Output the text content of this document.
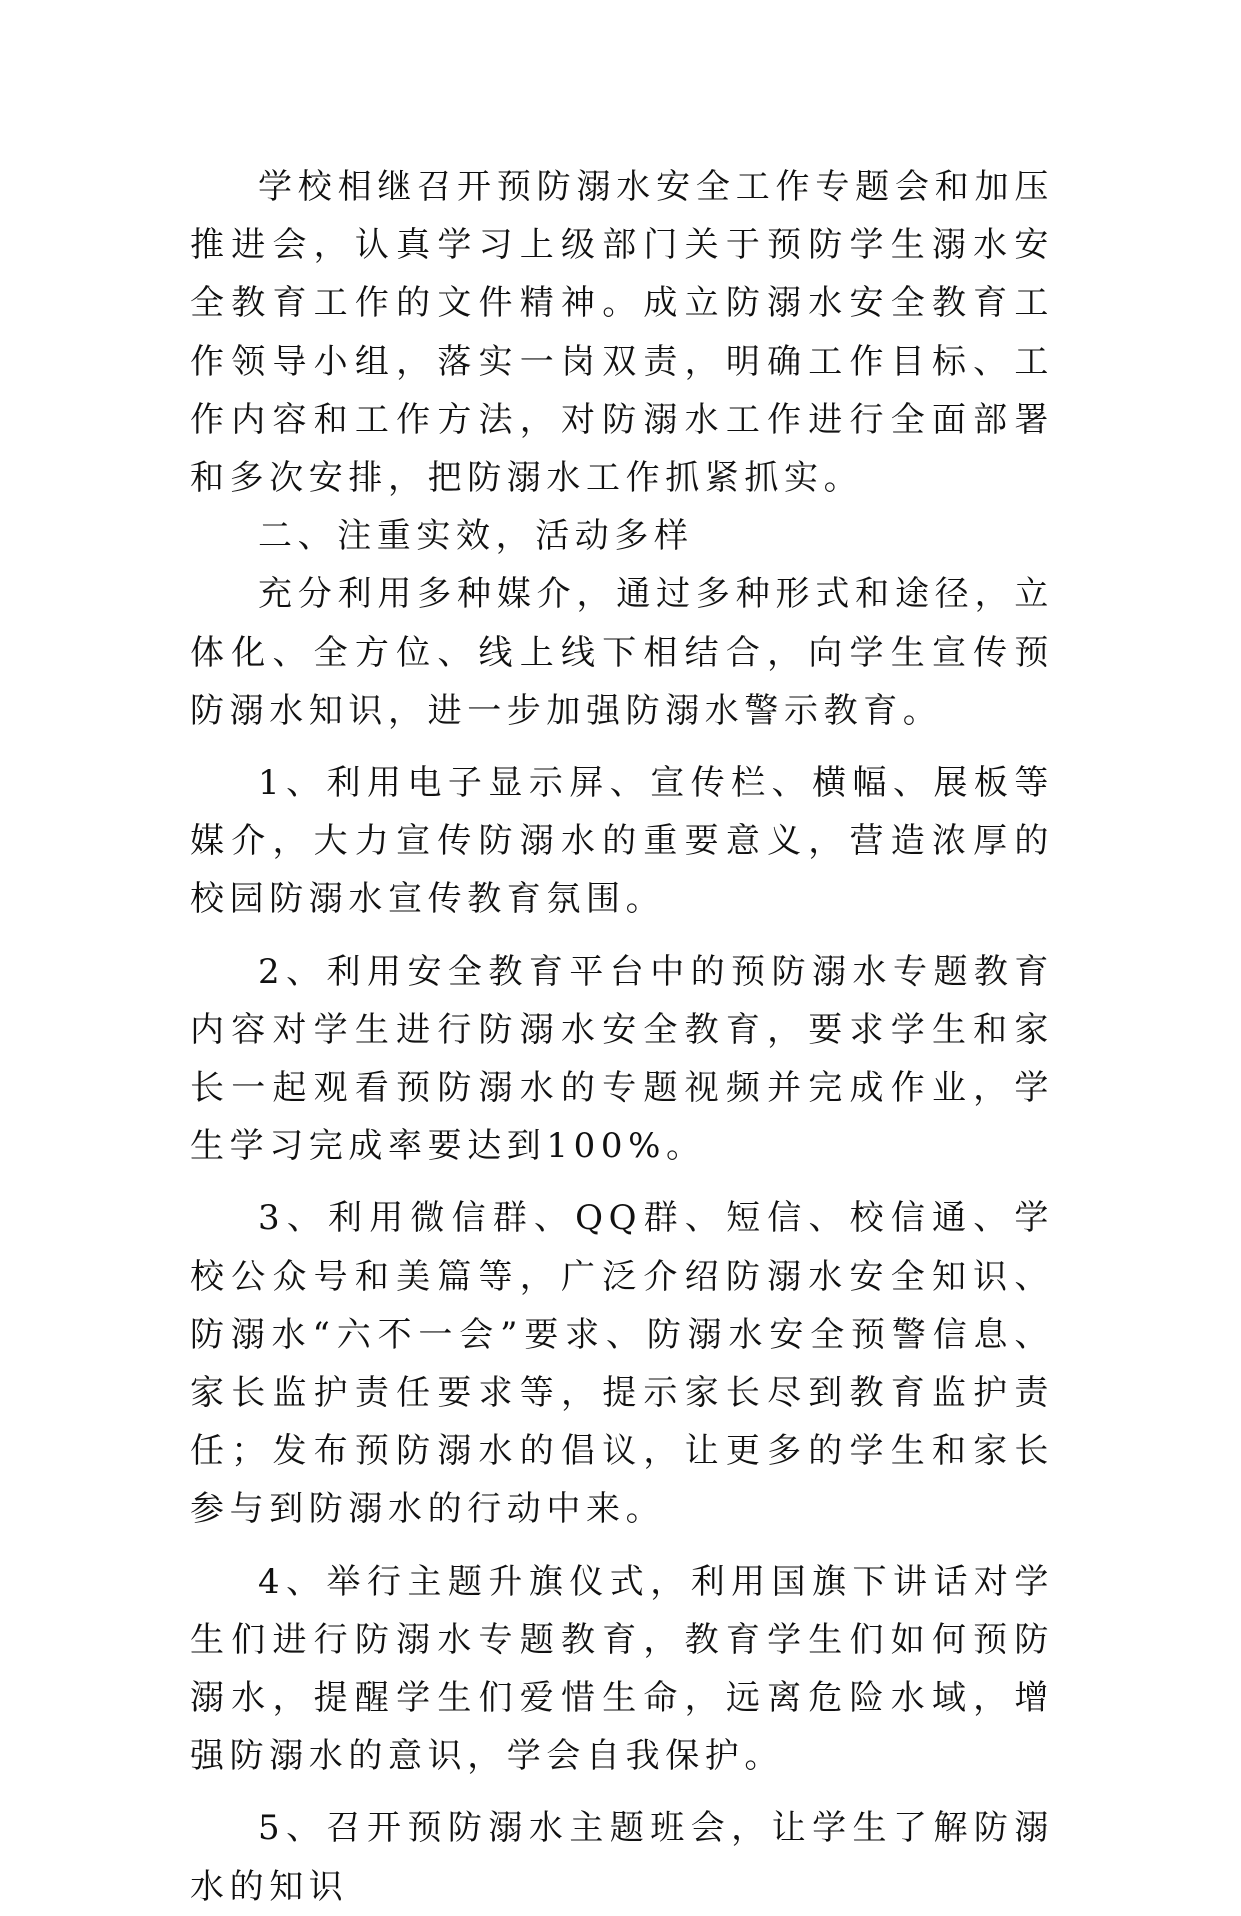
学校相继召开预防溺水安全工作专题会和加压推进会，认真学习上级部门关于预防学生溺水安全教育工作的文件精神。成立防溺水安全教育工作领导小组，落实一岗双责，明确工作目标、工作内容和工作方法，对防溺水工作进行全面部署和多次安排，把防溺水工作抓紧抓实。

二、注重实效，活动多样

充分利用多种媒介，通过多种形式和途径，立体化、全方位、线上线下相结合，向学生宣传预防溺水知识，进一步加强防溺水警示教育。

1、利用电子显示屏、宣传栏、横幅、展板等媒介，大力宣传防溺水的重要意义，营造浓厚的校园防溺水宣传教育氛围。

2、利用安全教育平台中的预防溺水专题教育内容对学生进行防溺水安全教育，要求学生和家长一起观看预防溺水的专题视频并完成作业，学生学习完成率要达到100%。

3、利用微信群、QQ群、短信、校信通、学校公众号和美篇等，广泛介绍防溺水安全知识、防溺水“六不一会”要求、防溺水安全预警信息、家长监护责任要求等，提示家长尽到教育监护责任；发布预防溺水的倡议，让更多的学生和家长参与到防溺水的行动中来。

4、举行主题升旗仪式，利用国旗下讲话对学生们进行防溺水专题教育，教育学生们如何预防溺水，提醒学生们爱惜生命，远离危险水域，增强防溺水的意识，学会自我保护。

5、召开预防溺水主题班会，让学生了解防溺水的知识
